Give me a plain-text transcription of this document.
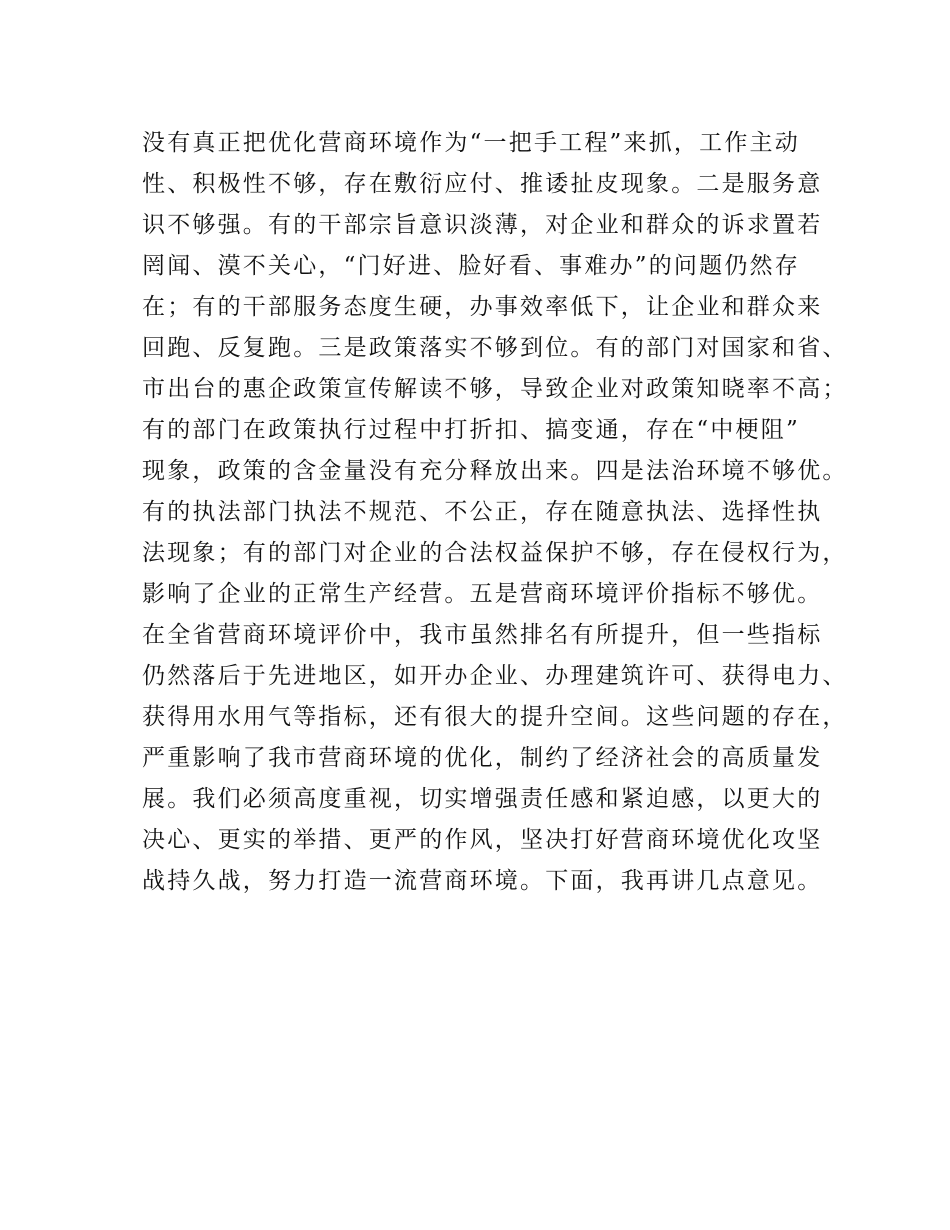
没有真正把优化营商环境作为“一把手工程”来抓，工作主动
性、积极性不够，存在敷衍应付、推诿扯皮现象。二是服务意
识不够强。有的干部宗旨意识淡薄，对企业和群众的诉求置若
罔闻、漠不关心，“门好进、脸好看、事难办”的问题仍然存
在；有的干部服务态度生硬，办事效率低下，让企业和群众来
回跑、反复跑。三是政策落实不够到位。有的部门对国家和省、
市出台的惠企政策宣传解读不够，导致企业对政策知晓率不高；
有的部门在政策执行过程中打折扣、搞变通，存在“中梗阻”
现象，政策的含金量没有充分释放出来。四是法治环境不够优。
有的执法部门执法不规范、不公正，存在随意执法、选择性执
法现象；有的部门对企业的合法权益保护不够，存在侵权行为，
影响了企业的正常生产经营。五是营商环境评价指标不够优。
在全省营商环境评价中，我市虽然排名有所提升，但一些指标
仍然落后于先进地区，如开办企业、办理建筑许可、获得电力、
获得用水用气等指标，还有很大的提升空间。这些问题的存在，
严重影响了我市营商环境的优化，制约了经济社会的高质量发
展。我们必须高度重视，切实增强责任感和紧迫感，以更大的
决心、更实的举措、更严的作风，坚决打好营商环境优化攻坚
战持久战，努力打造一流营商环境。下面，我再讲几点意见。
